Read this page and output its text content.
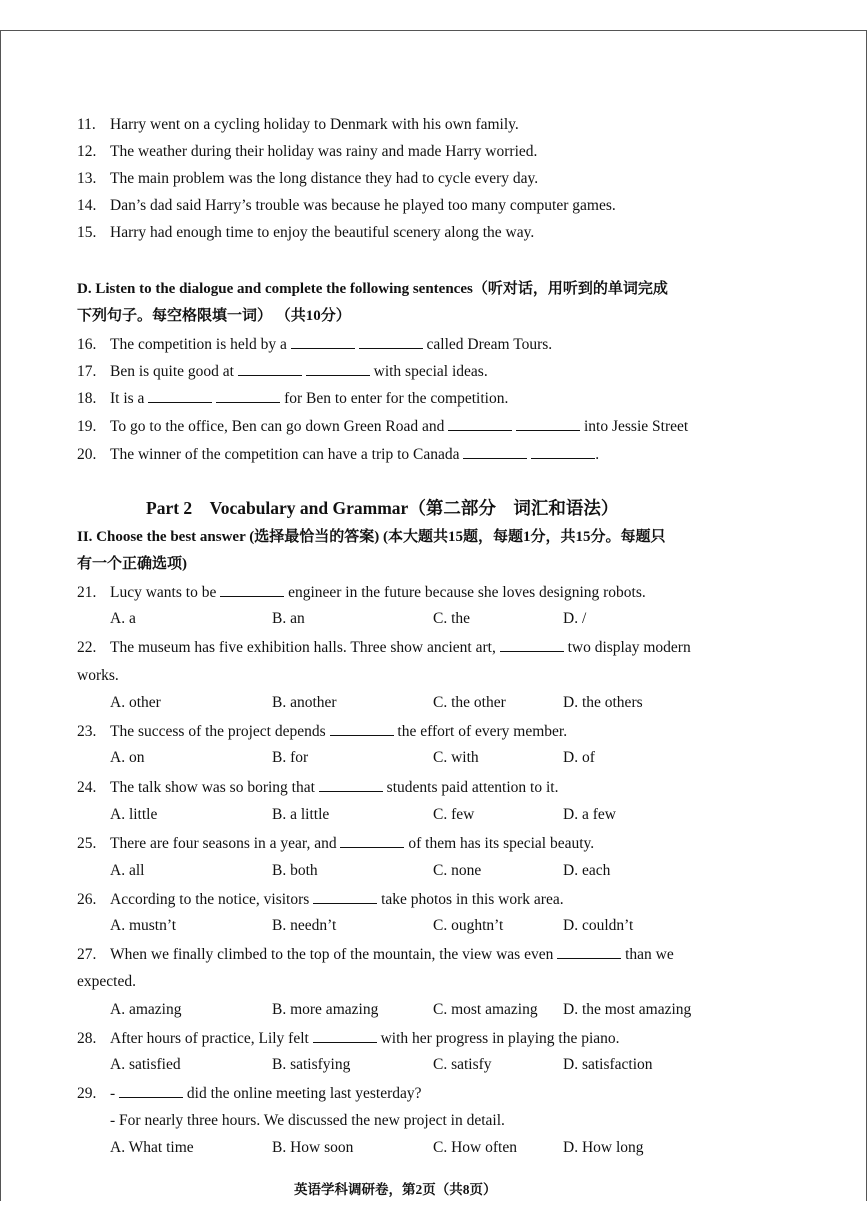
11. Harry went on a cycling holiday to Denmark with his own family.
12. The weather during their holiday was rainy and made Harry worried.
13. The main problem was the long distance they had to cycle every day.
14. Dan’s dad said Harry’s trouble was because he played too many computer games.
15. Harry had enough time to enjoy the beautiful scenery along the way.
D. Listen to the dialogue and complete the following sentences（听对话，用听到的单词完成
下列句子。每空格限填一词） （共10分）
16. The competition is held by a	called Dream Tours.
17. Ben is quite good at	with special ideas.
18. It is a	for Ben to enter for the competition.
19. To go to the office, Ben can go down Green Road and	into Jessie Street
20. The winner of the competition can have a trip to Canada	.
Part 2　Vocabulary and Grammar（第二部分　词汇和语法）
II. Choose the best answer (选择最恰当的答案) (本大题共15题，每题1分，共15分。每题只
有一个正确选项)
21. Lucy wants to be	engineer in the future because she loves designing robots.
A. a	B. an	C. the	D. /
22. The museum has five exhibition halls. Three show ancient art,	two display modern
works.
A. other	B. another	C. the other	D. the others
23. The success of the project depends	the effort of every member.
A. on	B. for	C. with	D. of
24. The talk show was so boring that	students paid attention to it.
A. little	B. a little	C. few	D. a few
25. There are four seasons in a year, and	of them has its special beauty.
A. all	B. both	C. none	D. each
26. According to the notice, visitors	take photos in this work area.
A. mustn’t	B. needn’t	C. oughtn’t	D. couldn’t
27. When we finally climbed to the top of the mountain, the view was even	than we
expected.
A. amazing	B. more amazing	C. most amazing D. the most amazing
28. After hours of practice, Lily felt	with her progress in playing the piano.
A. satisfied	B. satisfying	C. satisfy	D. satisfaction
29. -	did the online meeting last yesterday?
- For nearly three hours. We discussed the new project in detail.
A. What time	B. How soon	C. How often	D. How long
英语学科调研卷，第2页（共8页）
